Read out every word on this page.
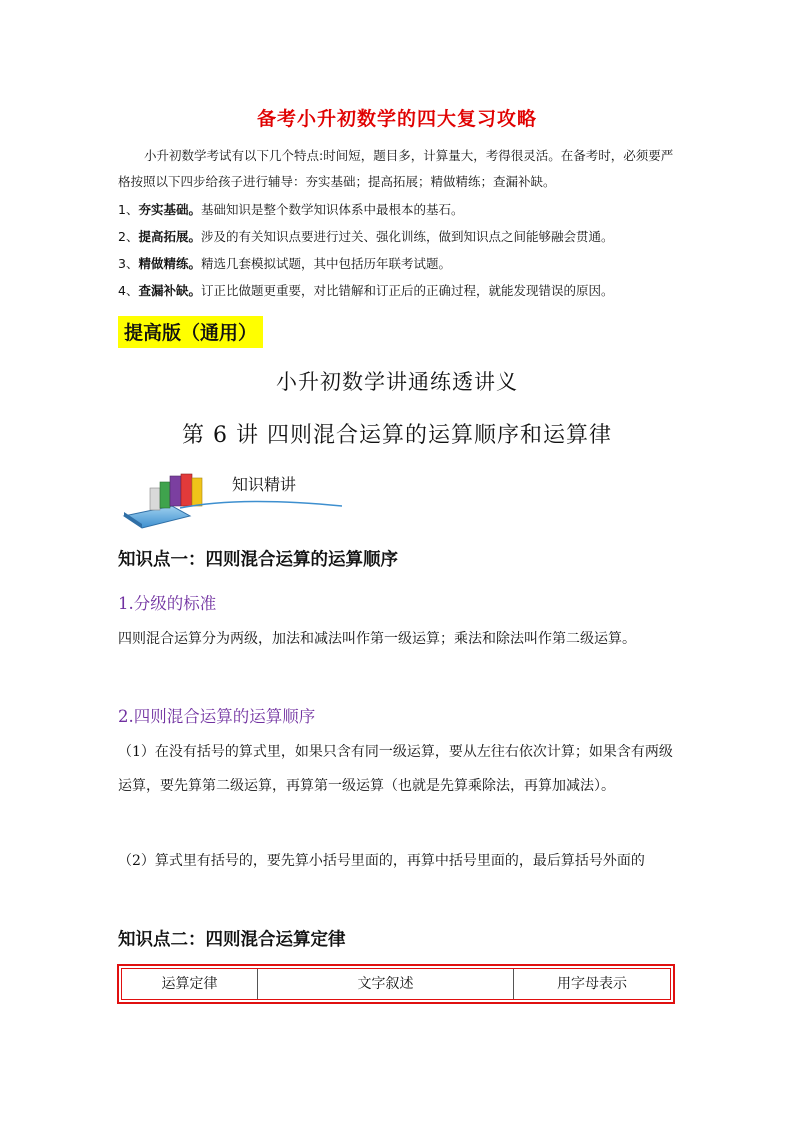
备考小升初数学的四大复习攻略
小升初数学考试有以下几个特点:时间短，题目多，计算量大，考得很灵活。在备考时，必须要严格按照以下四步给孩子进行辅导：夯实基础；提高拓展；精做精练；查漏补缺。
1、夯实基础。基础知识是整个数学知识体系中最根本的基石。
2、提高拓展。涉及的有关知识点要进行过关、强化训练，做到知识点之间能够融会贯通。
3、精做精练。精选几套模拟试题，其中包括历年联考试题。
4、查漏补缺。订正比做题更重要，对比错解和订正后的正确过程，就能发现错误的原因。
提高版（通用）
小升初数学讲通练透讲义
第 6 讲 四则混合运算的运算顺序和运算律
知识精讲
知识点一：四则混合运算的运算顺序
1.分级的标准
四则混合运算分为两级，加法和减法叫作第一级运算；乘法和除法叫作第二级运算。
2.四则混合运算的运算顺序
（1）在没有括号的算式里，如果只含有同一级运算，要从左往右依次计算；如果含有两级运算，要先算第二级运算，再算第一级运算（也就是先算乘除法，再算加减法）。
（2）算式里有括号的，要先算小括号里面的，再算中括号里面的，最后算括号外面的
知识点二：四则混合运算定律
运算定律	文字叙述	用字母表示
